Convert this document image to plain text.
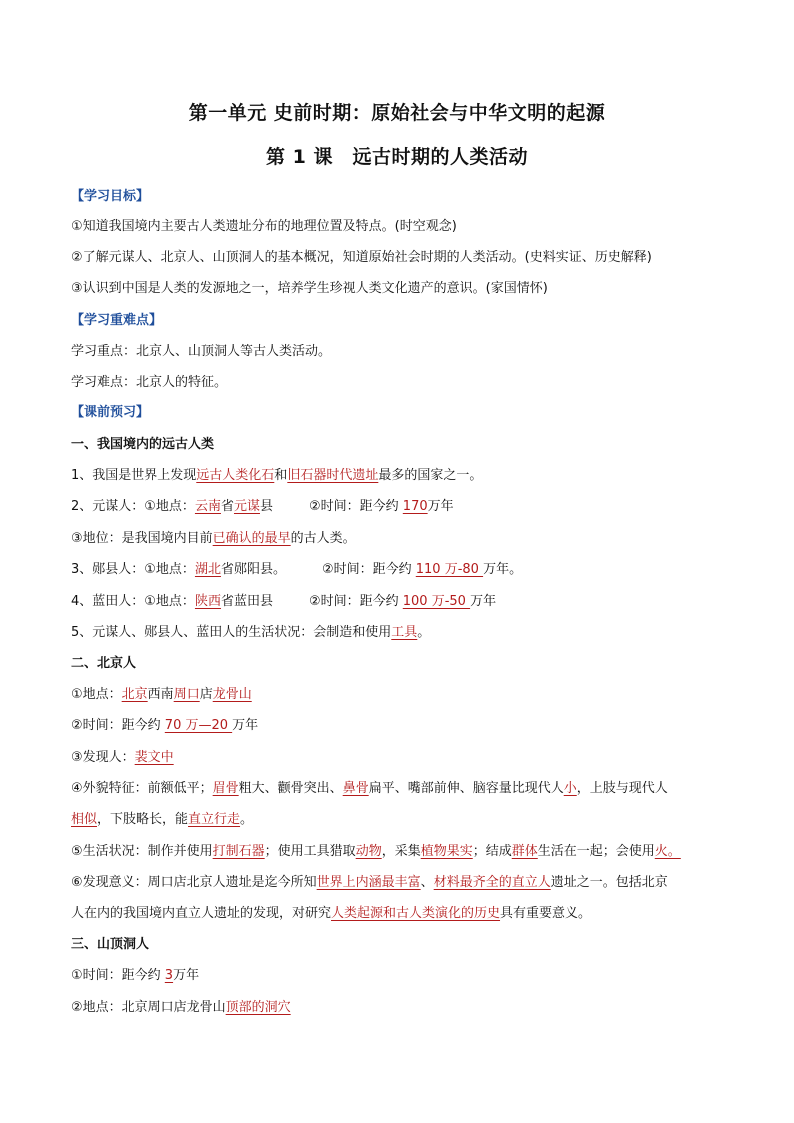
第一单元 史前时期：原始社会与中华文明的起源
第 1 课　远古时期的人类活动
【学习目标】
①知道我国境内主要古人类遗址分布的地理位置及特点。(时空观念)
②了解元谋人、北京人、山顶洞人的基本概况，知道原始社会时期的人类活动。(史料实证、历史解释)
③认识到中国是人类的发源地之一，培养学生珍视人类文化遗产的意识。(家国情怀)
【学习重难点】
学习重点：北京人、山顶洞人等古人类活动。
学习难点：北京人的特征。
【课前预习】
一、我国境内的远古人类
1、我国是世界上发现远古人类化石和旧石器时代遗址最多的国家之一。
2、元谋人：①地点：云南省元谋县	②时间：距今约 170万年
③地位：是我国境内目前已确认的最早的古人类。
3、郧县人：①地点：湖北省郧阳县。	②时间：距今约 110 万-80 万年。
4、蓝田人：①地点：陕西省蓝田县	②时间：距今约 100 万-50 万年
5、元谋人、郧县人、蓝田人的生活状况：会制造和使用工具。
二、北京人
①地点：北京西南周口店龙骨山
②时间：距今约 70 万—20 万年
③发现人：裴文中
④外貌特征：前额低平；眉骨粗大、颧骨突出、鼻骨扁平、嘴部前伸、脑容量比现代人小，上肢与现代人
相似，下肢略长，能直立行走。
⑤生活状况：制作并使用打制石器；使用工具猎取动物，采集植物果实；结成群体生活在一起；会使用火。
⑥发现意义：周口店北京人遗址是迄今所知世界上内涵最丰富、材料最齐全的直立人遗址之一。包括北京
人在内的我国境内直立人遗址的发现，对研究人类起源和古人类演化的历史具有重要意义。
三、山顶洞人
①时间：距今约 3万年
②地点：北京周口店龙骨山顶部的洞穴
